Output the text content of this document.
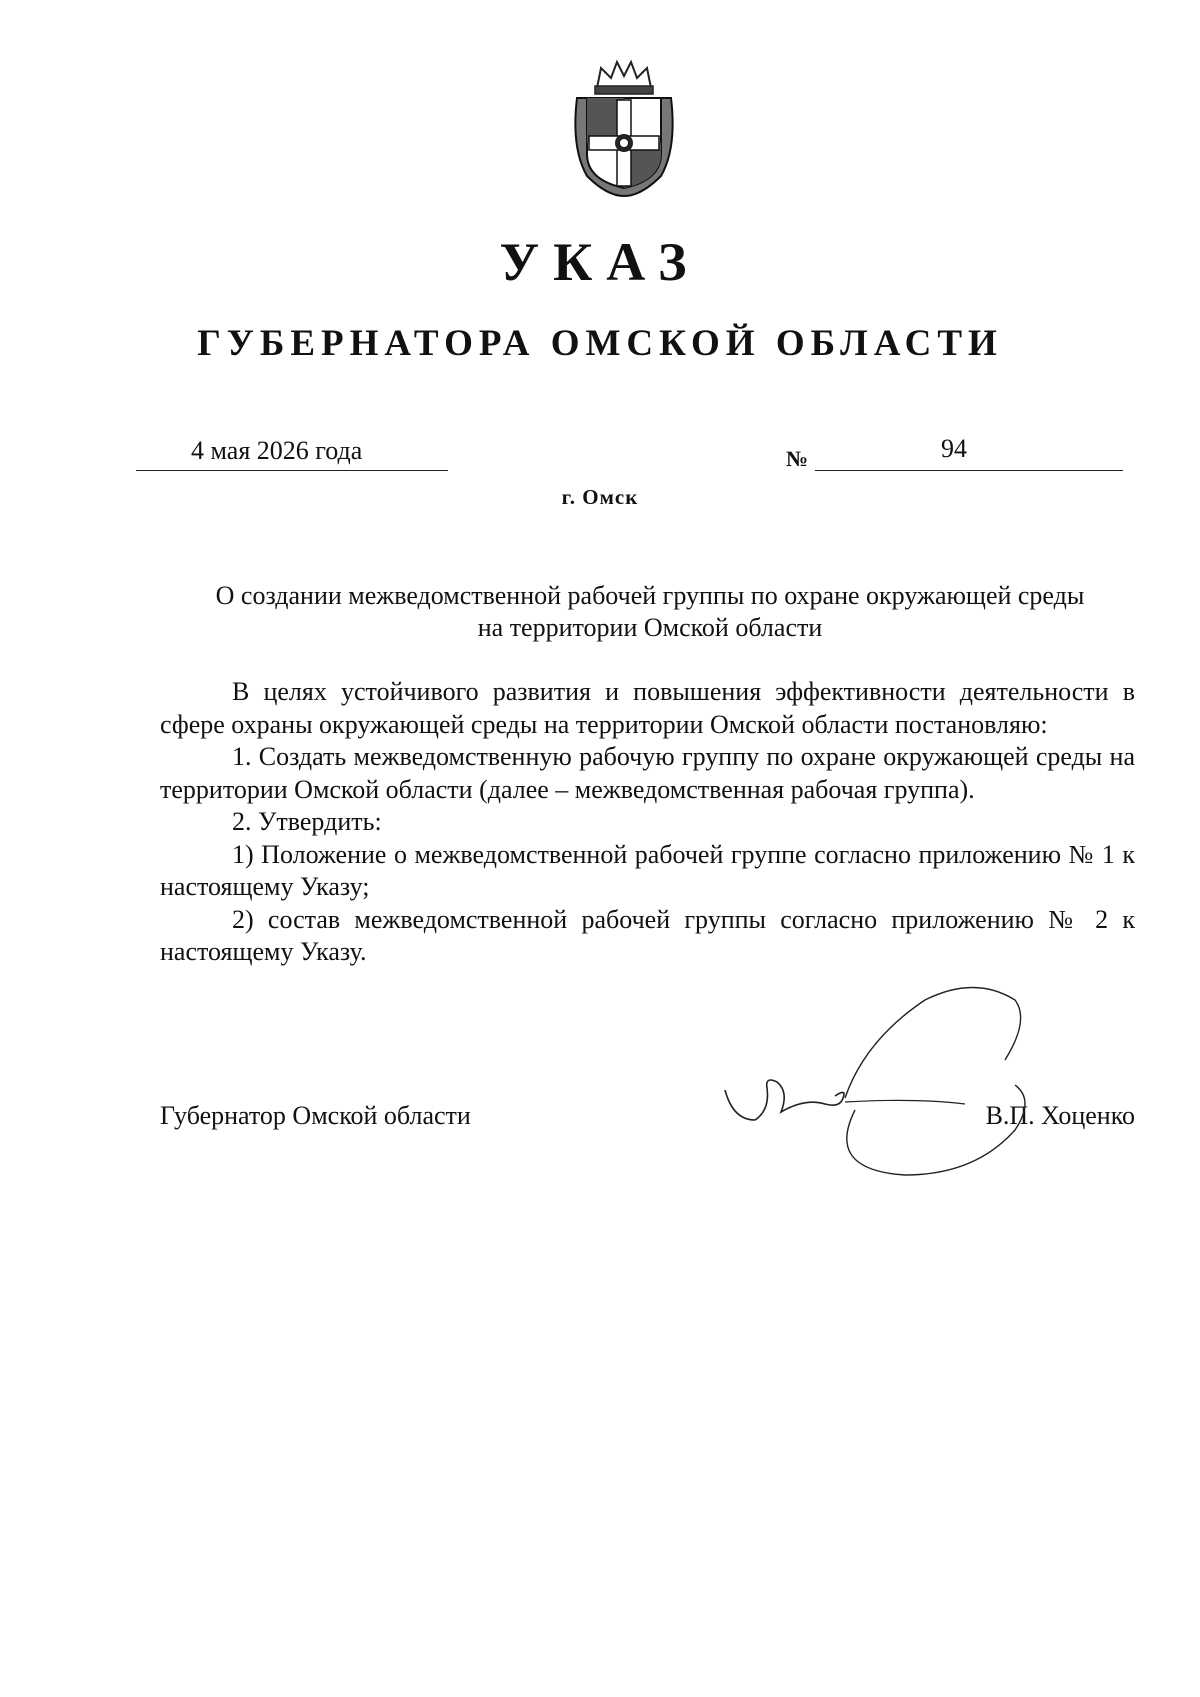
УКАЗ
ГУБЕРНАТОРА ОМСКОЙ ОБЛАСТИ
4 мая 2026 года	№	94
г. Омск
О создании межведомственной рабочей группы по охране окружающей среды
на территории Омской области

В целях устойчивого развития и повышения эффективности деятельности в сфере охраны окружающей среды на территории Омской области постановляю:

1. Создать межведомственную рабочую группу по охране окружающей среды на территории Омской области (далее – межведомственная рабочая группа).

2. Утвердить:

1) Положение о межведомственной рабочей группе согласно приложению № 1 к настоящему Указу;

2) состав межведомственной рабочей группы согласно приложению № 2 к настоящему Указу.

Губернатор Омской области	В.П. Хоценко
